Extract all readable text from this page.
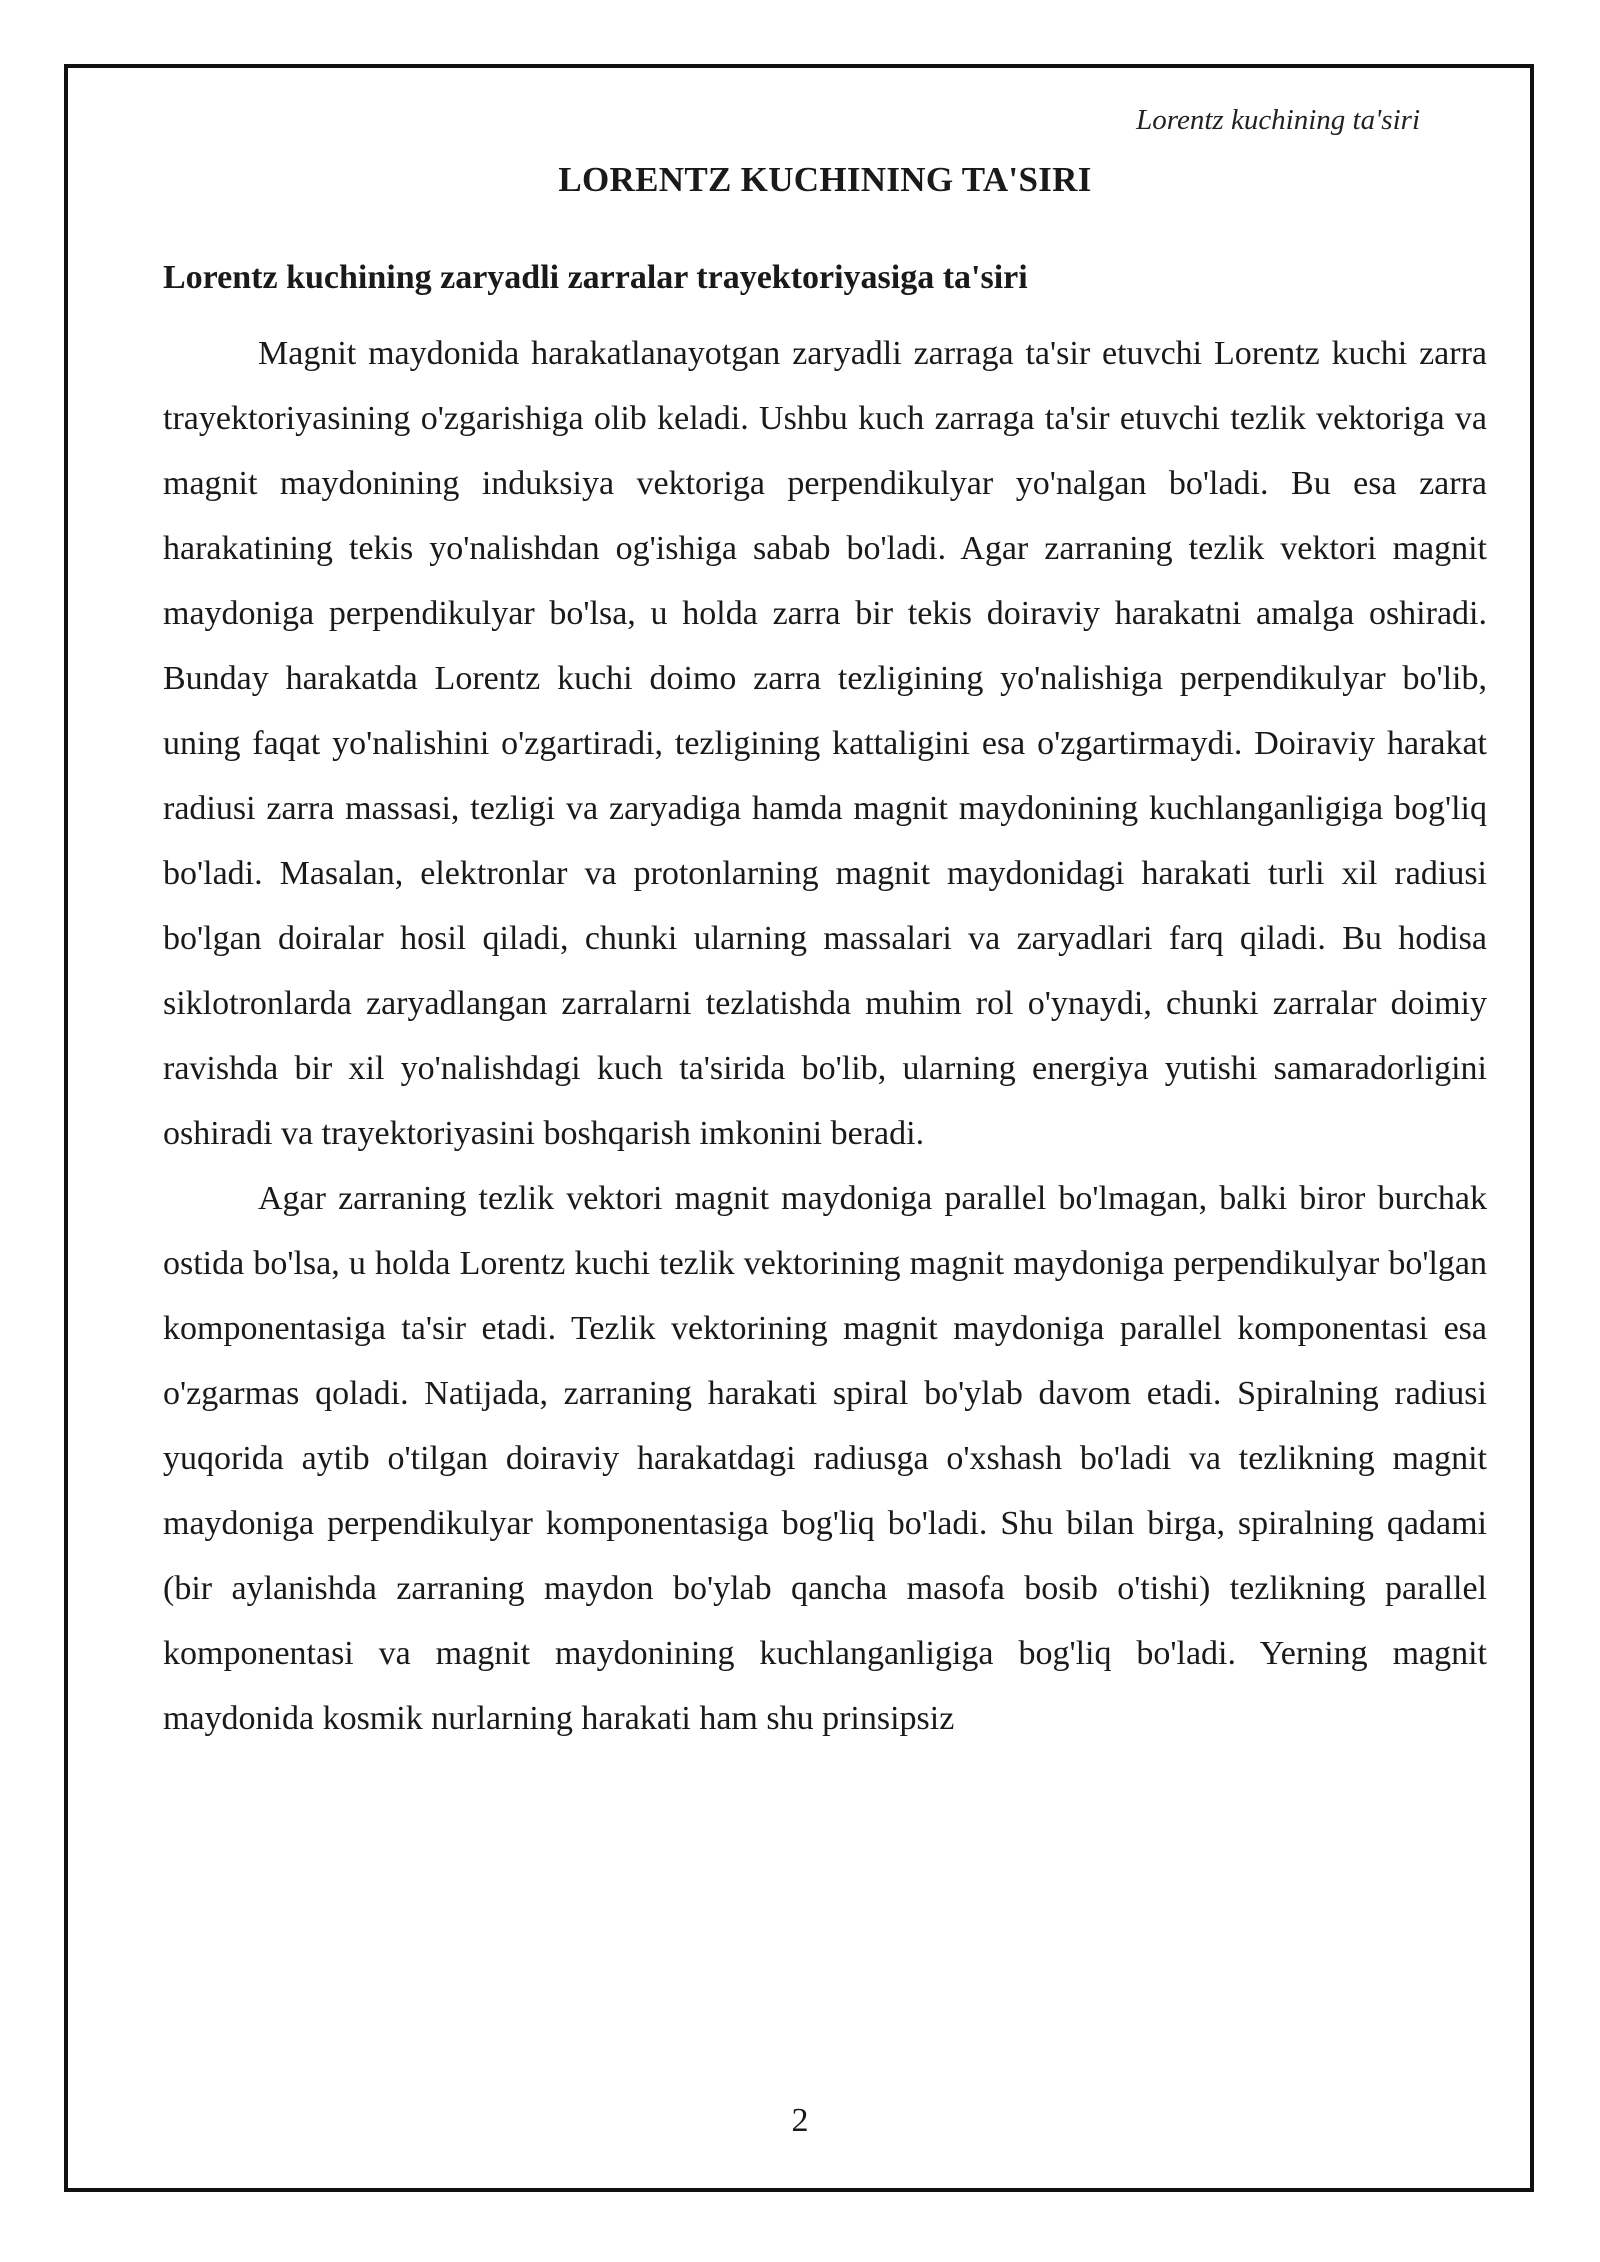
Lorentz kuchining ta'siri
LORENTZ KUCHINING TA'SIRI
Lorentz kuchining zaryadli zarralar trayektoriyasiga ta'siri

Magnit maydonida harakatlanayotgan zaryadli zarraga ta'sir etuvchi Lorentz kuchi zarra trayektoriyasining o'zgarishiga olib keladi. Ushbu kuch zarraga ta'sir etuvchi tezlik vektoriga va magnit maydonining induksiya vektoriga perpendikulyar yo'nalgan bo'ladi. Bu esa zarra harakatining tekis yo'nalishdan og'ishiga sabab bo'ladi. Agar zarraning tezlik vektori magnit maydoniga perpendikulyar bo'lsa, u holda zarra bir tekis doiraviy harakatni amalga oshiradi. Bunday harakatda Lorentz kuchi doimo zarra tezligining yo'nalishiga perpendikulyar bo'lib, uning faqat yo'nalishini o'zgartiradi, tezligining kattaligini esa o'zgartirmaydi. Doiraviy harakat radiusi zarra massasi, tezligi va zaryadiga hamda magnit maydonining kuchlanganligiga bog'liq bo'ladi. Masalan, elektronlar va protonlarning magnit maydonidagi harakati turli xil radiusi bo'lgan doiralar hosil qiladi, chunki ularning massalari va zaryadlari farq qiladi. Bu hodisa siklotronlarda zaryadlangan zarralarni tezlatishda muhim rol o'ynaydi, chunki zarralar doimiy ravishda bir xil yo'nalishdagi kuch ta'sirida bo'lib, ularning energiya yutishi samaradorligini oshiradi va trayektoriyasini boshqarish imkonini beradi.

Agar zarraning tezlik vektori magnit maydoniga parallel bo'lmagan, balki biror burchak ostida bo'lsa, u holda Lorentz kuchi tezlik vektorining magnit maydoniga perpendikulyar bo'lgan komponentasiga ta'sir etadi. Tezlik vektorining magnit maydoniga parallel komponentasi esa o'zgarmas qoladi. Natijada, zarraning harakati spiral bo'ylab davom etadi. Spiralning radiusi yuqorida aytib o'tilgan doiraviy harakatdagi radiusga o'xshash bo'ladi va tezlikning magnit maydoniga perpendikulyar komponentasiga bog'liq bo'ladi. Shu bilan birga, spiralning qadami (bir aylanishda zarraning maydon bo'ylab qancha masofa bosib o'tishi) tezlikning parallel komponentasi va magnit maydonining kuchlanganligiga bog'liq bo'ladi. Yerning magnit maydonida kosmik nurlarning harakati ham shu prinsipsiz

2
